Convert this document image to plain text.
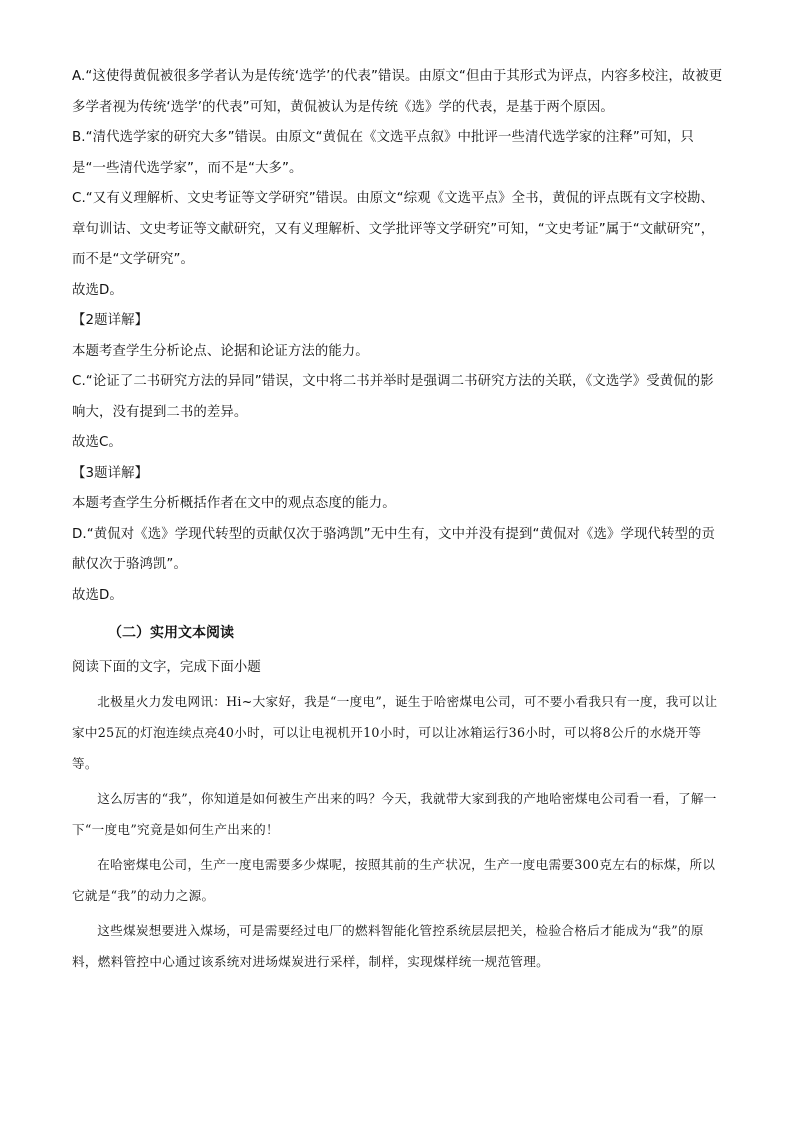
A.“这使得黄侃被很多学者认为是传统‘选学’的代表”错误。由原文“但由于其形式为评点，内容多校注，故被更多学者视为传统‘选学’的代表”可知，黄侃被认为是传统《选》学的代表，是基于两个原因。

B.“清代选学家的研究大多”错误。由原文“黄侃在《文选平点叙》中批评一些清代选学家的注释”可知，只是“一些清代选学家”，而不是“大多”。

C.“又有义理解析、文史考证等文学研究”错误。由原文“综观《文选平点》全书，黄侃的评点既有文字校勘、章句训诂、文史考证等文献研究，又有义理解析、文学批评等文学研究”可知，“文史考证”属于“文献研究”，而不是“文学研究”。

故选D。

【2题详解】

本题考查学生分析论点、论据和论证方法的能力。

C.“论证了二书研究方法的异同”错误，文中将二书并举时是强调二书研究方法的关联，《文选学》受黄侃的影响大，没有提到二书的差异。

故选C。

【3题详解】

本题考查学生分析概括作者在文中的观点态度的能力。

D.“黄侃对《选》学现代转型的贡献仅次于骆鸿凯”无中生有，文中并没有提到“黄侃对《选》学现代转型的贡献仅次于骆鸿凯”。

故选D。

（二）实用文本阅读

阅读下面的文字，完成下面小题

北极星火力发电网讯：Hi~大家好，我是“一度电”，诞生于哈密煤电公司，可不要小看我只有一度，我可以让家中25瓦的灯泡连续点亮40小时，可以让电视机开10小时，可以让冰箱运行36小时，可以将8公斤的水烧开等等。

这么厉害的“我”，你知道是如何被生产出来的吗？今天，我就带大家到我的产地哈密煤电公司看一看，了解一下“一度电”究竟是如何生产出来的！

在哈密煤电公司，生产一度电需要多少煤呢，按照其前的生产状况，生产一度电需要300克左右的标煤，所以它就是“我”的动力之源。

这些煤炭想要进入煤场，可是需要经过电厂的燃料智能化管控系统层层把关，检验合格后才能成为“我”的原料，燃料管控中心通过该系统对进场煤炭进行采样，制样，实现煤样统一规范管理。
